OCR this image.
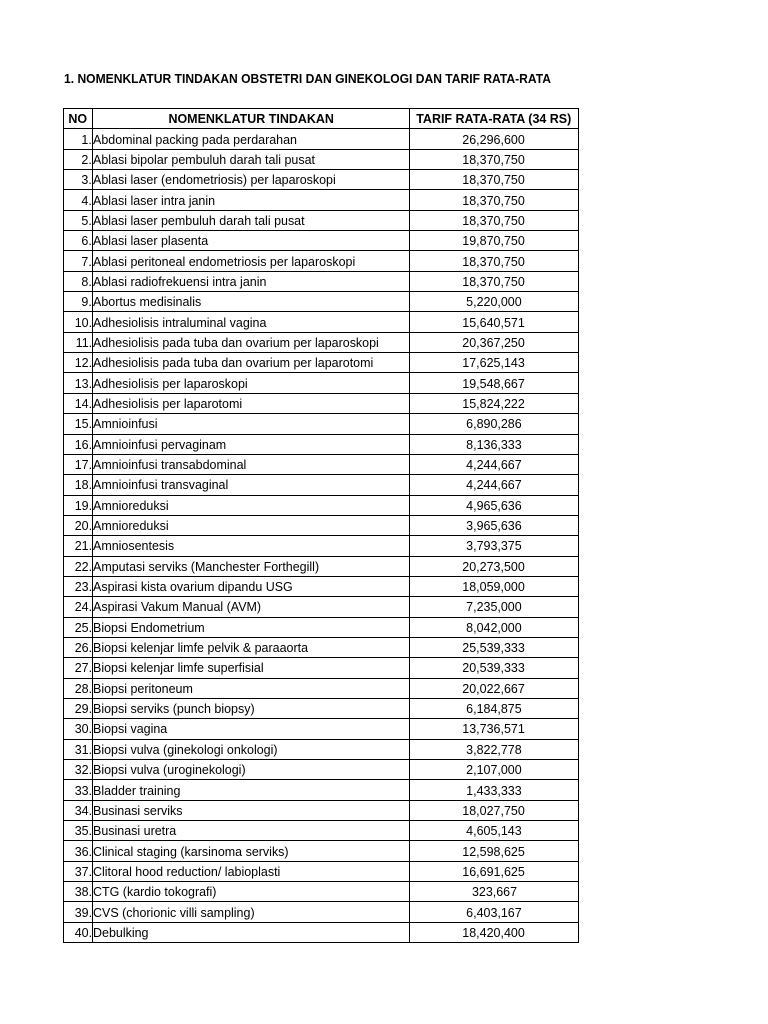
1. NOMENKLATUR TINDAKAN OBSTETRI DAN GINEKOLOGI DAN TARIF RATA-RATA
NO	NOMENKLATUR TINDAKAN	TARIF RATA-RATA (34 RS)
1.	Abdominal packing pada perdarahan	26,296,600
2.	Ablasi bipolar pembuluh darah tali pusat	18,370,750
3.	Ablasi laser (endometriosis) per laparoskopi	18,370,750
4.	Ablasi laser intra janin	18,370,750
5.	Ablasi laser pembuluh darah tali pusat	18,370,750
6.	Ablasi laser plasenta	19,870,750
7.	Ablasi peritoneal endometriosis per laparoskopi	18,370,750
8.	Ablasi radiofrekuensi intra janin	18,370,750
9.	Abortus medisinalis	5,220,000
10.	Adhesiolisis intraluminal vagina	15,640,571
11.	Adhesiolisis pada tuba dan ovarium per laparoskopi	20,367,250
12.	Adhesiolisis pada tuba dan ovarium per laparotomi	17,625,143
13.	Adhesiolisis per laparoskopi	19,548,667
14.	Adhesiolisis per laparotomi	15,824,222
15.	Amnioinfusi	6,890,286
16.	Amnioinfusi pervaginam	8,136,333
17.	Amnioinfusi transabdominal	4,244,667
18.	Amnioinfusi transvaginal	4,244,667
19.	Amnioreduksi	4,965,636
20.	Amnioreduksi	3,965,636
21.	Amniosentesis	3,793,375
22.	Amputasi serviks (Manchester Forthegill)	20,273,500
23.	Aspirasi kista ovarium dipandu USG	18,059,000
24.	Aspirasi Vakum Manual (AVM)	7,235,000
25.	Biopsi Endometrium	8,042,000
26.	Biopsi kelenjar limfe pelvik & paraaorta	25,539,333
27.	Biopsi kelenjar limfe superfisial	20,539,333
28.	Biopsi peritoneum	20,022,667
29.	Biopsi serviks (punch biopsy)	6,184,875
30.	Biopsi vagina	13,736,571
31.	Biopsi vulva (ginekologi onkologi)	3,822,778
32.	Biopsi vulva (uroginekologi)	2,107,000
33.	Bladder training	1,433,333
34.	Businasi serviks	18,027,750
35.	Businasi uretra	4,605,143
36.	Clinical staging (karsinoma serviks)	12,598,625
37.	Clitoral hood reduction/ labioplasti	16,691,625
38.	CTG (kardio tokografi)	323,667
39.	CVS (chorionic villi sampling)	6,403,167
40.	Debulking	18,420,400
